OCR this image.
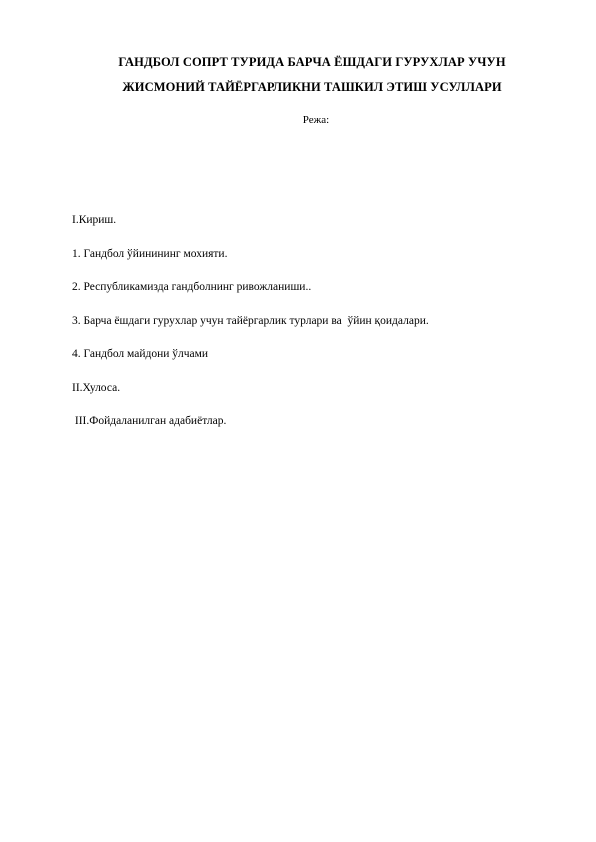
ГАНДБОЛ СОПРТ ТУРИДА БАРЧА ЁШДАГИ ГУРУХЛАР УЧУН
ЖИСМОНИЙ ТАЙЁРГАРЛИКНИ ТАШКИЛ ЭТИШ УСУЛЛАРИ
Режа:
I.Кириш.
1. Гандбол ўйинининг мохияти.
2. Республикамизда гандболнинг ривожланиши..
3. Барча ёшдаги гурухлар учун тайёргарлик турлари ва  ўйин қоидалари.
4. Гандбол майдони ўлчами
II.Хулоса.
III.Фойдаланилган адабиётлар.
